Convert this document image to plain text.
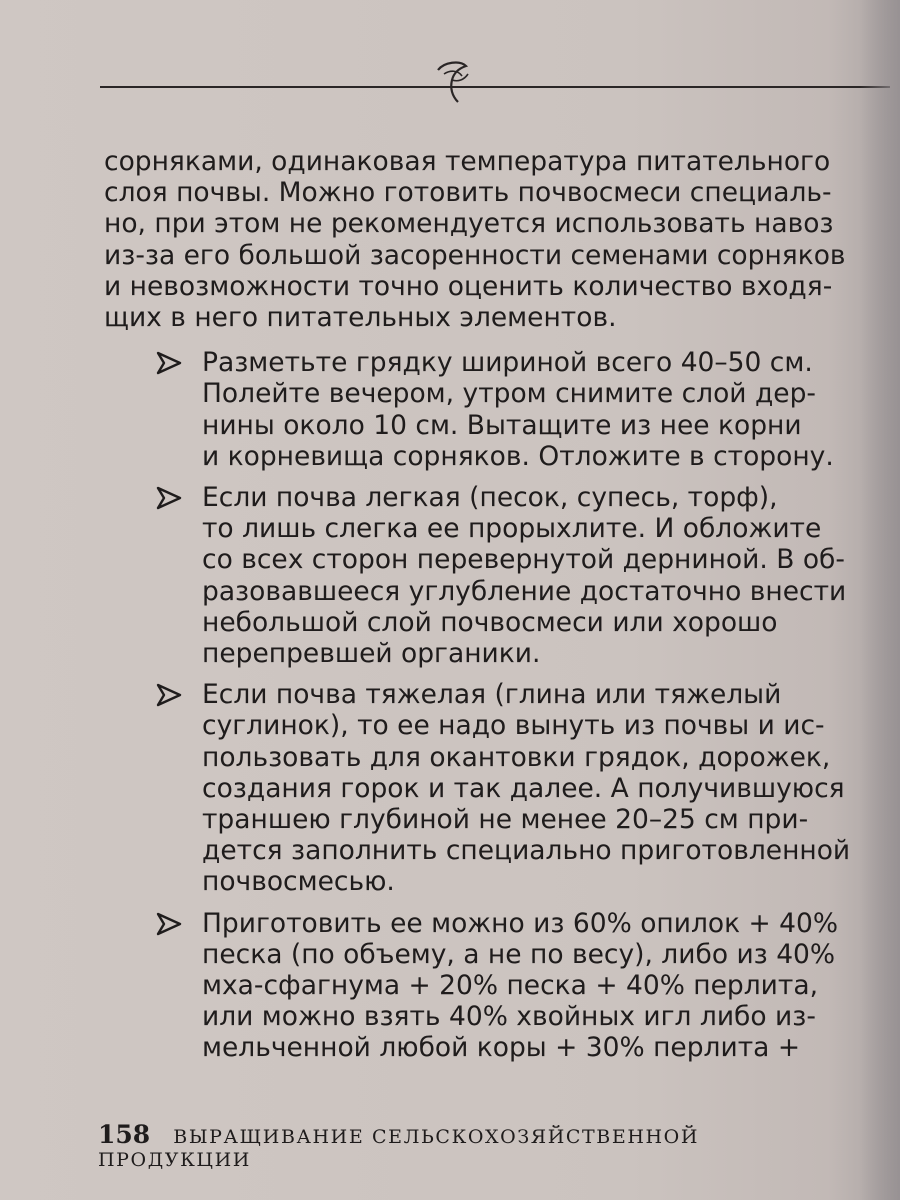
сорняками, одинаковая температура питательного
слоя почвы. Можно готовить почвосмеси специаль-
но, при этом не рекомендуется использовать навоз
из-за его большой засоренности семенами сорняков
и невозможности точно оценить количество входя-
щих в него питательных элементов.
Разметьте грядку шириной всего 40–50 см.
Полейте вечером, утром снимите слой дер-
нины около 10 см. Вытащите из нее корни
и корневища сорняков. Отложите в сторону.
Если почва легкая (песок, супесь, торф),
то лишь слегка ее прорыхлите. И обложите
со всех сторон перевернутой дерниной. В об-
разовавшееся углубление достаточно внести
небольшой слой почвосмеси или хорошо
перепревшей органики.
Если почва тяжелая (глина или тяжелый
суглинок), то ее надо вынуть из почвы и ис-
пользовать для окантовки грядок, дорожек,
создания горок и так далее. А получившуюся
траншею глубиной не менее 20–25 см при-
дется заполнить специально приготовленной
почвосмесью.
Приготовить ее можно из 60% опилок + 40%
песка (по объему, а не по весу), либо из 40%
мха-сфагнума + 20% песка + 40% перлита,
или можно взять 40% хвойных игл либо из-
мельченной любой коры + 30% перлита +
158 ВЫРАЩИВАНИЕ СЕЛЬСКОХОЗЯЙСТВЕННОЙ ПРОДУКЦИИ
